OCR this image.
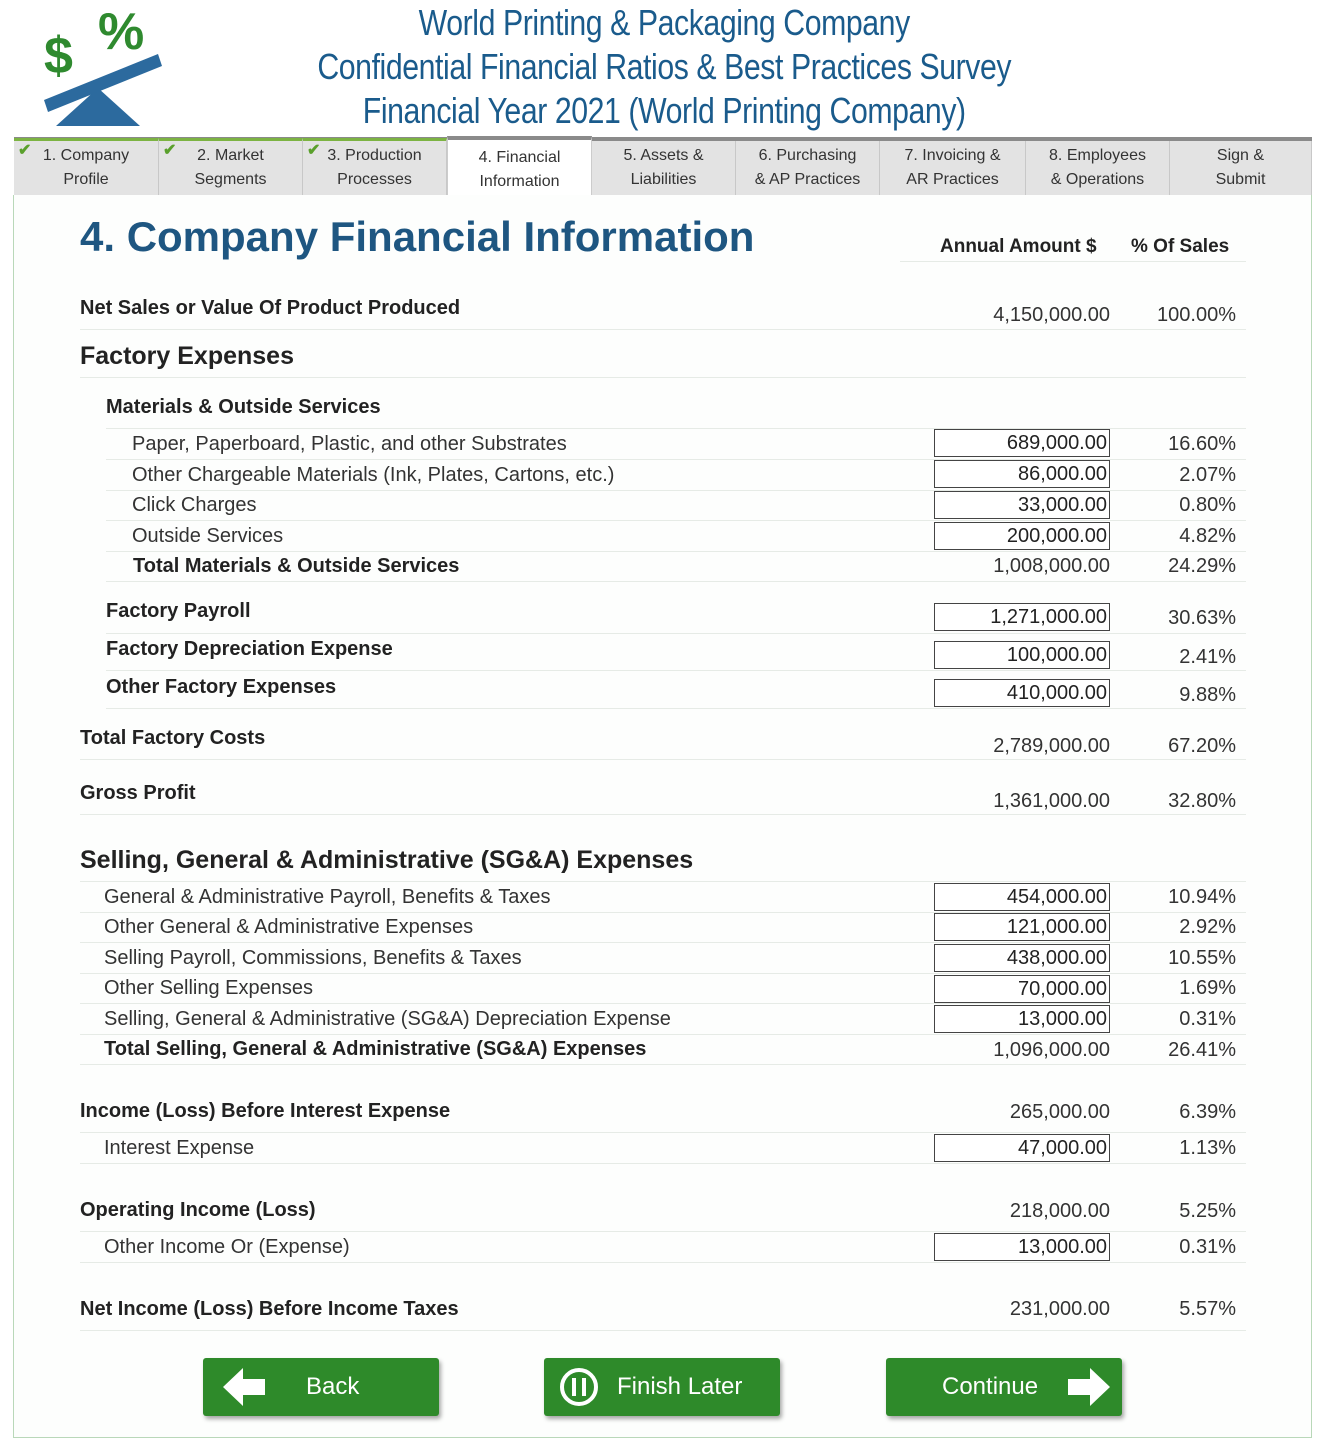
$ %	World Printing & Packaging Company
Confidential Financial Ratios & Best Practices Survey
Financial Year 2021 (World Printing Company)
✔ 1. Company
Profile
✔	2. Market
Segments
✔ 3. Production
Processes
4. Financial
Information
5. Assets &
Liabilities
6. Purchasing
& AP Practices
7. Invoicing &
AR Practices
8. Employees
& Operations
Sign &
Submit
4. Company Financial Information	Annual Amount $ % Of Sales
Net Sales or Value Of Product Produced	4,150,000.00	100.00%
Factory Expenses
Materials & Outside Services
Paper, Paperboard, Plastic, and other Substrates	689,000.00	16.60%
Other Chargeable Materials (Ink, Plates, Cartons, etc.)	86,000.00	2.07%
Click Charges	33,000.00	0.80%
Outside Services	200,000.00	4.82%
Total Materials & Outside Services	1,008,000.00	24.29%
Factory Payroll	1,271,000.00	30.63%
Factory Depreciation Expense	100,000.00	2.41%
Other Factory Expenses	410,000.00	9.88%
Total Factory Costs	2,789,000.00	67.20%
Gross Profit	1,361,000.00	32.80%
Selling, General & Administrative (SG&A) Expenses
General & Administrative Payroll, Benefits & Taxes	454,000.00	10.94%
Other General & Administrative Expenses	121,000.00	2.92%
Selling Payroll, Commissions, Benefits & Taxes	438,000.00	10.55%
Other Selling Expenses	70,000.00	1.69%
Selling, General & Administrative (SG&A) Depreciation Expense	13,000.00	0.31%
Total Selling, General & Administrative (SG&A) Expenses	1,096,000.00	26.41%
Income (Loss) Before Interest Expense	265,000.00	6.39%
Interest Expense	47,000.00	1.13%
Operating Income (Loss)	218,000.00	5.25%
Other Income Or (Expense)	13,000.00	0.31%
Net Income (Loss) Before Income Taxes	231,000.00	5.57%
Back	Finish Later	Continue
